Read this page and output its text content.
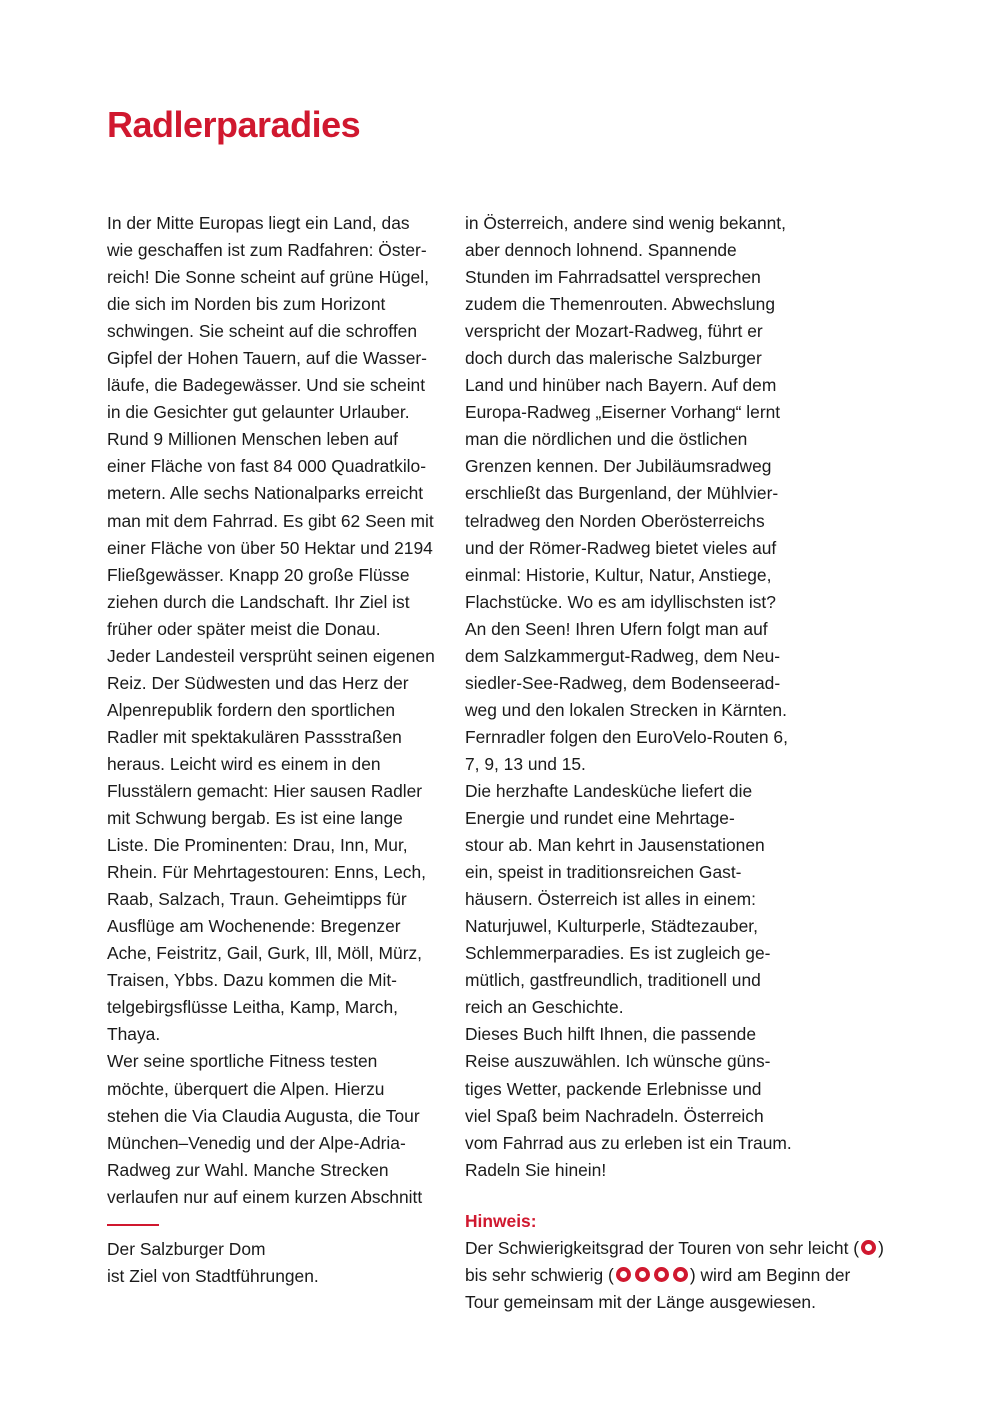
Radlerparadies
In der Mitte Europas liegt ein Land, das
wie geschaffen ist zum Radfahren: Öster-
reich! Die Sonne scheint auf grüne Hügel,
die sich im Norden bis zum Horizont
schwingen. Sie scheint auf die schroffen
Gipfel der Hohen Tauern, auf die Wasser-
läufe, die Badegewässer. Und sie scheint
in die Gesichter gut gelaunter Urlauber.
Rund 9 Millionen Menschen leben auf
einer Fläche von fast 84 000 Quadratkilo-
metern. Alle sechs Nationalparks erreicht
man mit dem Fahrrad. Es gibt 62 Seen mit
einer Fläche von über 50 Hektar und 2194
Fließgewässer. Knapp 20 große Flüsse
ziehen durch die Landschaft. Ihr Ziel ist
früher oder später meist die Donau.
Jeder Landesteil versprüht seinen eigenen
Reiz. Der Südwesten und das Herz der
Alpenrepublik fordern den sportlichen
Radler mit spektakulären Passstraßen
heraus. Leicht wird es einem in den
Flusstälern gemacht: Hier sausen Radler
mit Schwung bergab. Es ist eine lange
Liste. Die Prominenten: Drau, Inn, Mur,
Rhein. Für Mehrtagestouren: Enns, Lech,
Raab, Salzach, Traun. Geheimtipps für
Ausflüge am Wochenende: Bregenzer
Ache, Feistritz, Gail, Gurk, Ill, Möll, Mürz,
Traisen, Ybbs. Dazu kommen die Mit-
telgebirgsflüsse Leitha, Kamp, March,
Thaya.
Wer seine sportliche Fitness testen
möchte, überquert die Alpen. Hierzu
stehen die Via Claudia Augusta, die Tour
München–Venedig und der Alpe-Adria-
Radweg zur Wahl. Manche Strecken
verlaufen nur auf einem kurzen Abschnitt
in Österreich, andere sind wenig bekannt,
aber dennoch lohnend. Spannende
Stunden im Fahrradsattel versprechen
zudem die Themenrouten. Abwechslung
verspricht der Mozart-Radweg, führt er
doch durch das malerische Salzburger
Land und hinüber nach Bayern. Auf dem
Europa-Radweg „Eiserner Vorhang“ lernt
man die nördlichen und die östlichen
Grenzen kennen. Der Jubiläumsradweg
erschließt das Burgenland, der Mühlvier-
telradweg den Norden Oberösterreichs
und der Römer-Radweg bietet vieles auf
einmal: Historie, Kultur, Natur, Anstiege,
Flachstücke. Wo es am idyllischsten ist?
An den Seen! Ihren Ufern folgt man auf
dem Salzkammergut-Radweg, dem Neu-
siedler-See-Radweg, dem Bodenseerad-
weg und den lokalen Strecken in Kärnten.
Fernradler folgen den EuroVelo-Routen 6,
7, 9, 13 und 15.
Die herzhafte Landesküche liefert die
Energie und rundet eine Mehrtage-
stour ab. Man kehrt in Jausenstationen
ein, speist in traditionsreichen Gast-
häusern. Österreich ist alles in einem:
Naturjuwel, Kulturperle, Städtezauber,
Schlemmerparadies. Es ist zugleich ge-
mütlich, gastfreundlich, traditionell und
reich an Geschichte.
Dieses Buch hilft Ihnen, die passende
Reise auszuwählen. Ich wünsche güns-
tiges Wetter, packende Erlebnisse und
viel Spaß beim Nachradeln. Österreich
vom Fahrrad aus zu erleben ist ein Traum.
Radeln Sie hinein!
Der Salzburger Dom
ist Ziel von Stadtführungen.
Hinweis:
Der Schwierigkeitsgrad der Touren von sehr leicht ( )
bis sehr schwierig (	) wird am Beginn der
Tour gemeinsam mit der Länge ausgewiesen.
